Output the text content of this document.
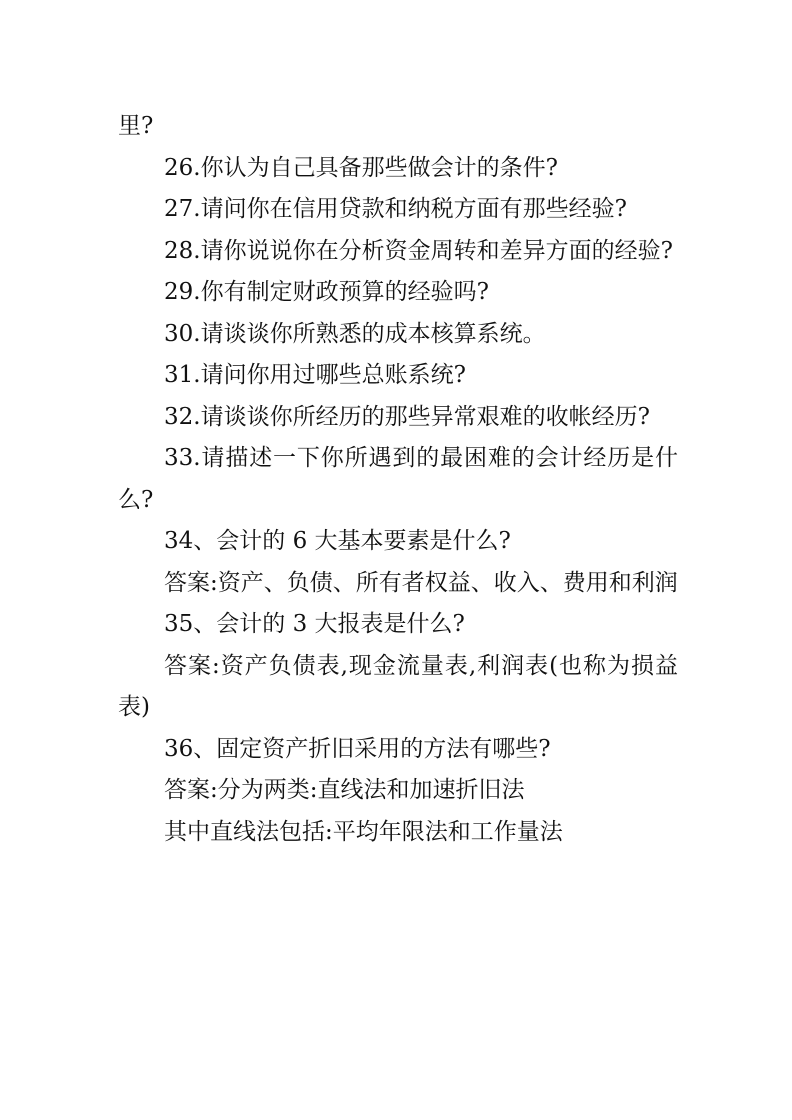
里?

26.你认为自己具备那些做会计的条件?

27.请问你在信用贷款和纳税方面有那些经验?

28.请你说说你在分析资金周转和差异方面的经验?

29.你有制定财政预算的经验吗?

30.请谈谈你所熟悉的成本核算系统。

31.请问你用过哪些总账系统?

32.请谈谈你所经历的那些异常艰难的收帐经历?

33.请描述一下你所遇到的最困难的会计经历是什么?

34、会计的 6 大基本要素是什么?

答案:资产、负债、所有者权益、收入、费用和利润

35、会计的 3 大报表是什么?

答案:资产负债表,现金流量表,利润表(也称为损益表)

36、固定资产折旧采用的方法有哪些?

答案:分为两类:直线法和加速折旧法

其中直线法包括:平均年限法和工作量法
